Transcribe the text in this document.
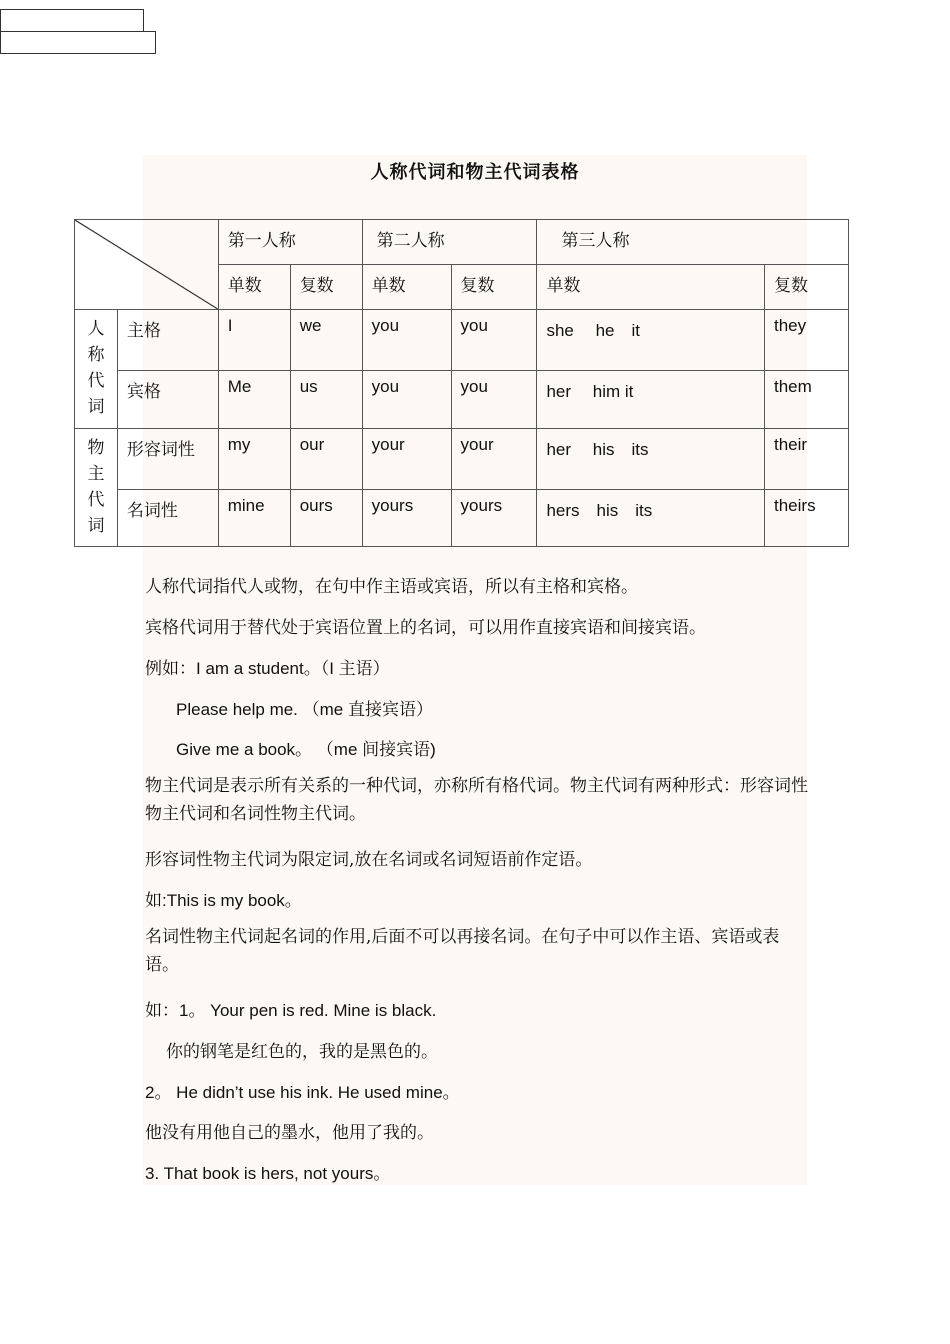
人称代词和物主代词表格
	第一人称		第二人称		第三人称	
		单数	复数	单数	复数	单数	复数

人
称
代
词	主格	I	we	you	you	she　 he　it	they
	宾格	Me	us	you	you	her　 him it	them

物
主
代
词	形容词性	my	our	your	your	her　 his　its	their
	名词性	mine	ours	yours	yours	hers　his　its	theirs
人称代词指代人或物，在句中作主语或宾语，所以有主格和宾格。
宾格代词用于替代处于宾语位置上的名词，可以用作直接宾语和间接宾语。
例如：I am a student。（I 主语）
Please help me. （me 直接宾语）
Give me a book。 （me 间接宾语)
物主代词是表示所有关系的一种代词，亦称所有格代词。物主代词有两种形式：形容词性物主代词和名词性物主代词。
形容词性物主代词为限定词,放在名词或名词短语前作定语。
如:This is my book。
名词性物主代词起名词的作用,后面不可以再接名词。在句子中可以作主语、宾语或表语。
如：1。 Your pen is red. Mine is black.
你的钢笔是红色的，我的是黑色的。
2。 He didn’t use his ink. He used mine。
他没有用他自己的墨水，他用了我的。
3. That book is hers, not yours。
